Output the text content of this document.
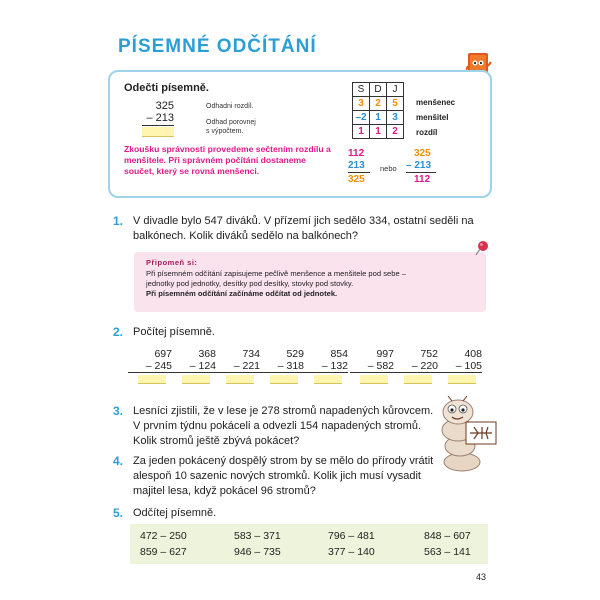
PÍSEMNÉ ODČÍTÁNÍ
Odečti písemně.
325
– 213
Odhadni rozdíl.
Odhad porovnej
s výpočtem.
Zkoušku správnosti provedeme sečtením rozdílu a menšitele. Při správném počítání dostaneme součet, který se rovná menšenci.
S	D	J
3	2	5
–2	1	3
1	1	2
menšenec
menšitel
rozdíl
112
213
325
nebo
325
– 213
112
1. V divadle bylo 547 diváků. V přízemí jich sedělo 334, ostatní seděli na balkónech. Kolik diváků sedělo na balkónech?
Připomeň si:
Při písemném odčítání zapisujeme pečlivě menšence a menšitele pod sebe –
jednotky pod jednotky, desítky pod desítky, stovky pod stovky.
Při písemném odčítání začínáme odčítat od jednotek.
2. Počítej písemně.
697
– 245
368
– 124
734
– 221
529
– 318
854
– 132
997
– 582
752
– 220
408
– 105
3. Lesníci zjistili, že v lese je 278 stromů napadených kůrovcem.
V prvním týdnu pokáceli a odvezli 154 napadených stromů.
Kolik stromů ještě zbývá pokácet?
4. Za jeden pokácený dospělý strom by se mělo do přírody vrátit
alespoň 10 sazenic nových stromků. Kolik jich musí vysadit
majitel lesa, když pokácel 96 stromů?
5. Odčítej písemně.
472 – 250	583 – 371	796 – 481	848 – 607
859 – 627	946 – 735	377 – 140	563 – 141
43
